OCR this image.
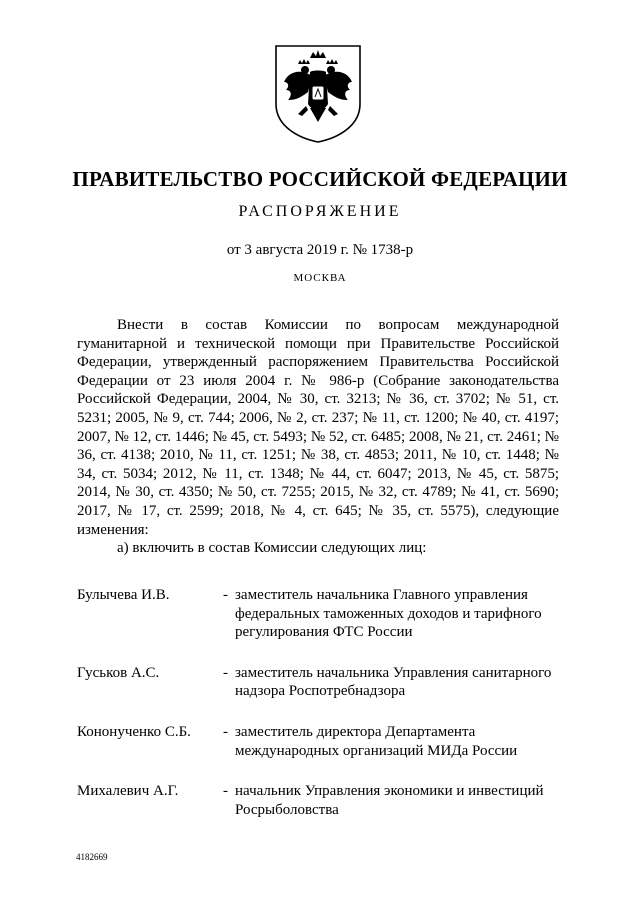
ПРАВИТЕЛЬСТВО РОССИЙСКОЙ ФЕДЕРАЦИИ
РАСПОРЯЖЕНИЕ
от 3 августа 2019 г. № 1738-р
МОСКВА

Внести в состав Комиссии по вопросам международной гуманитарной и технической помощи при Правительстве Российской Федерации, утвержденный распоряжением Правительства Российской Федерации от 23 июля 2004 г. № 986-р (Собрание законодательства Российской Федерации, 2004, № 30, ст. 3213; № 36, ст. 3702; № 51, ст. 5231; 2005, № 9, ст. 744; 2006, № 2, ст. 237; № 11, ст. 1200; № 40, ст. 4197; 2007, № 12, ст. 1446; № 45, ст. 5493; № 52, ст. 6485; 2008, № 21, ст. 2461; № 36, ст. 4138; 2010, № 11, ст. 1251; № 38, ст. 4853; 2011, № 10, ст. 1448; № 34, ст. 5034; 2012, № 11, ст. 1348; № 44, ст. 6047; 2013, № 45, ст. 5875; 2014, № 30, ст. 4350; № 50, ст. 7255; 2015, № 32, ст. 4789; № 41, ст. 5690; 2017, № 17, ст. 2599; 2018, № 4, ст. 645; № 35, ст. 5575), следующие изменения:

а) включить в состав Комиссии следующих лиц:

Булычева И.В.	- заместитель начальника Главного управления федеральных таможенных доходов и тарифного регулирования ФТС России
Гуськов А.С.	- заместитель начальника Управления санитарного надзора Роспотребнадзора
Кононученко С.Б.	- заместитель директора Департамента международных организаций МИДа России
Михалевич А.Г.	- начальник Управления экономики и инвестиций Росрыболовства
4182669
